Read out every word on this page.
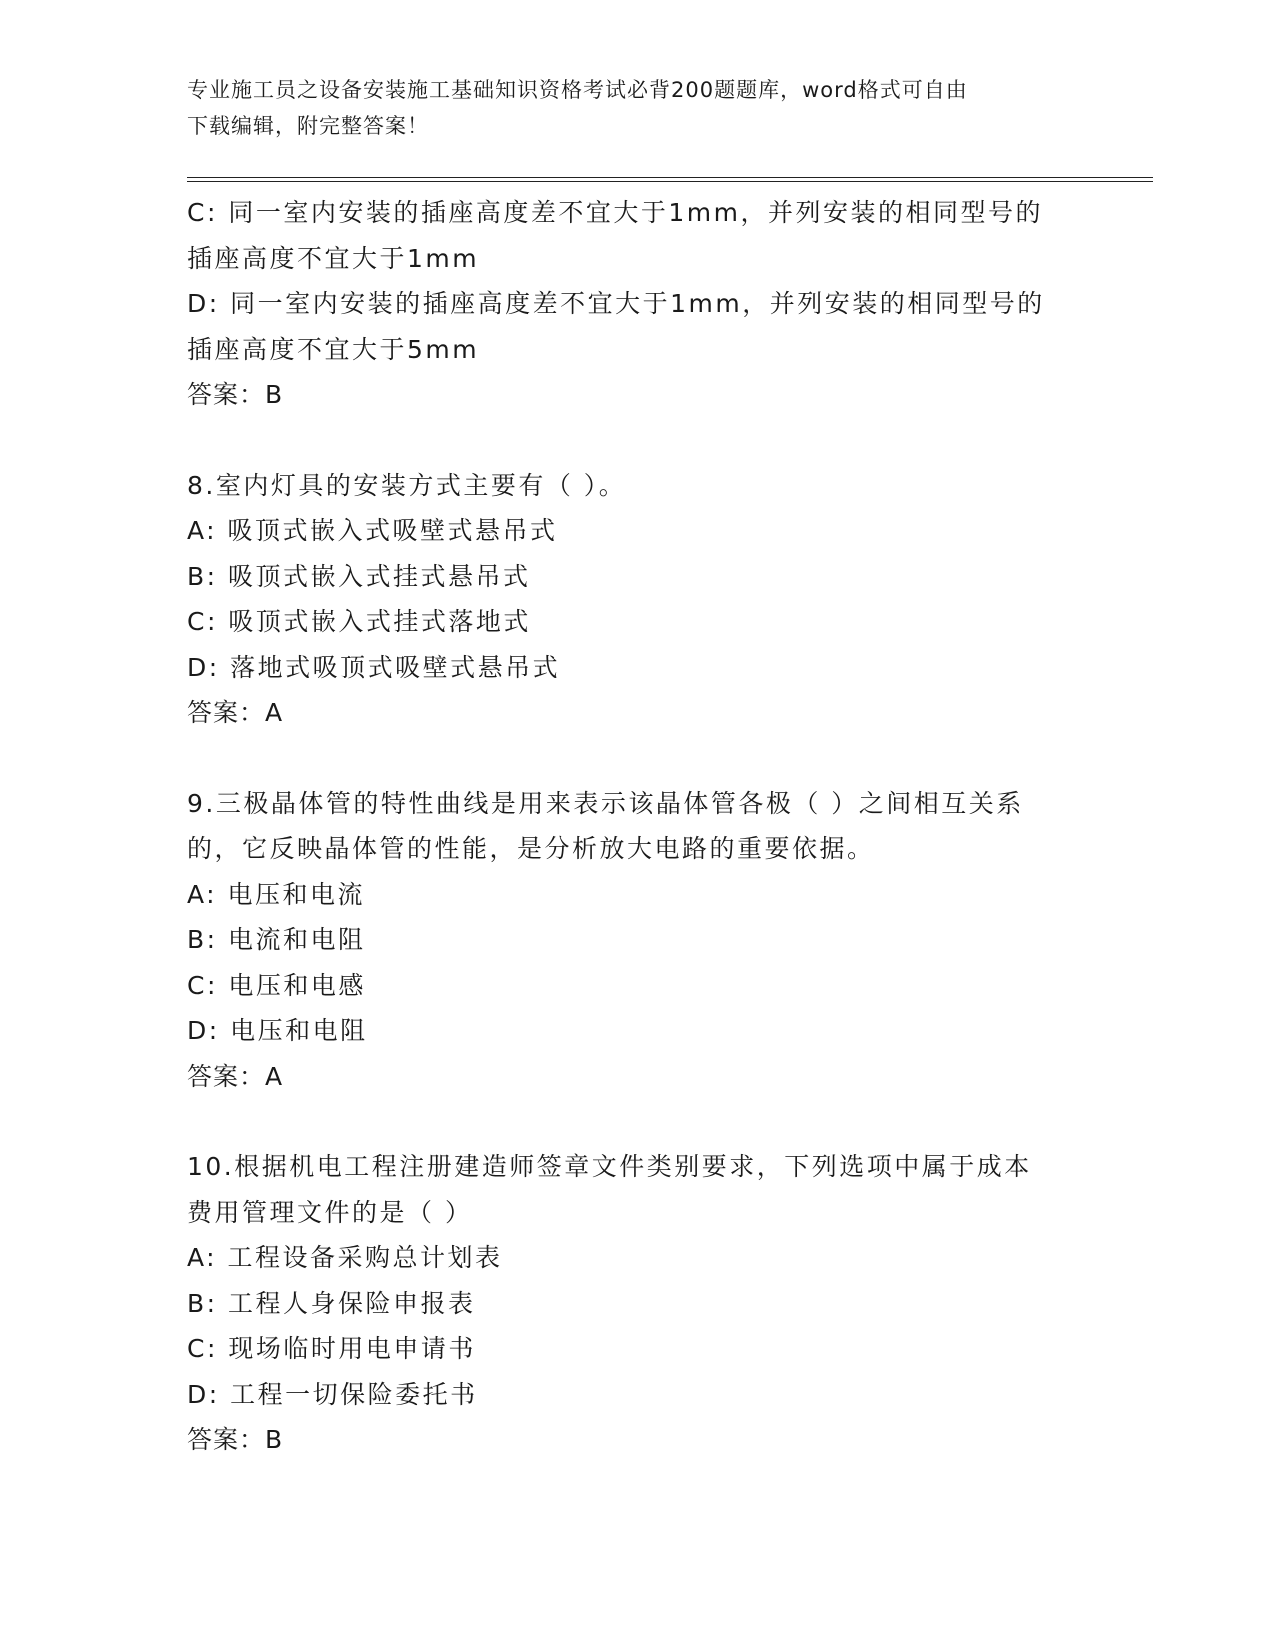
专业施工员之设备安装施工基础知识资格考试必背200题题库，word格式可自由
下载编辑，附完整答案！
C: 同一室内安装的插座高度差不宜大于1mm，并列安装的相同型号的
插座高度不宜大于1mm
D: 同一室内安装的插座高度差不宜大于1mm，并列安装的相同型号的
插座高度不宜大于5mm
答案：B
8.室内灯具的安装方式主要有（ ）。
A: 吸顶式嵌入式吸壁式悬吊式
B: 吸顶式嵌入式挂式悬吊式
C: 吸顶式嵌入式挂式落地式
D: 落地式吸顶式吸壁式悬吊式
答案：A
9.三极晶体管的特性曲线是用来表示该晶体管各极（ ）之间相互关系
的，它反映晶体管的性能，是分析放大电路的重要依据。
A: 电压和电流
B: 电流和电阻
C: 电压和电感
D: 电压和电阻
答案：A
10.根据机电工程注册建造师签章文件类别要求，下列选项中属于成本
费用管理文件的是（ ）
A: 工程设备采购总计划表
B: 工程人身保险申报表
C: 现场临时用电申请书
D: 工程一切保险委托书
答案：B
